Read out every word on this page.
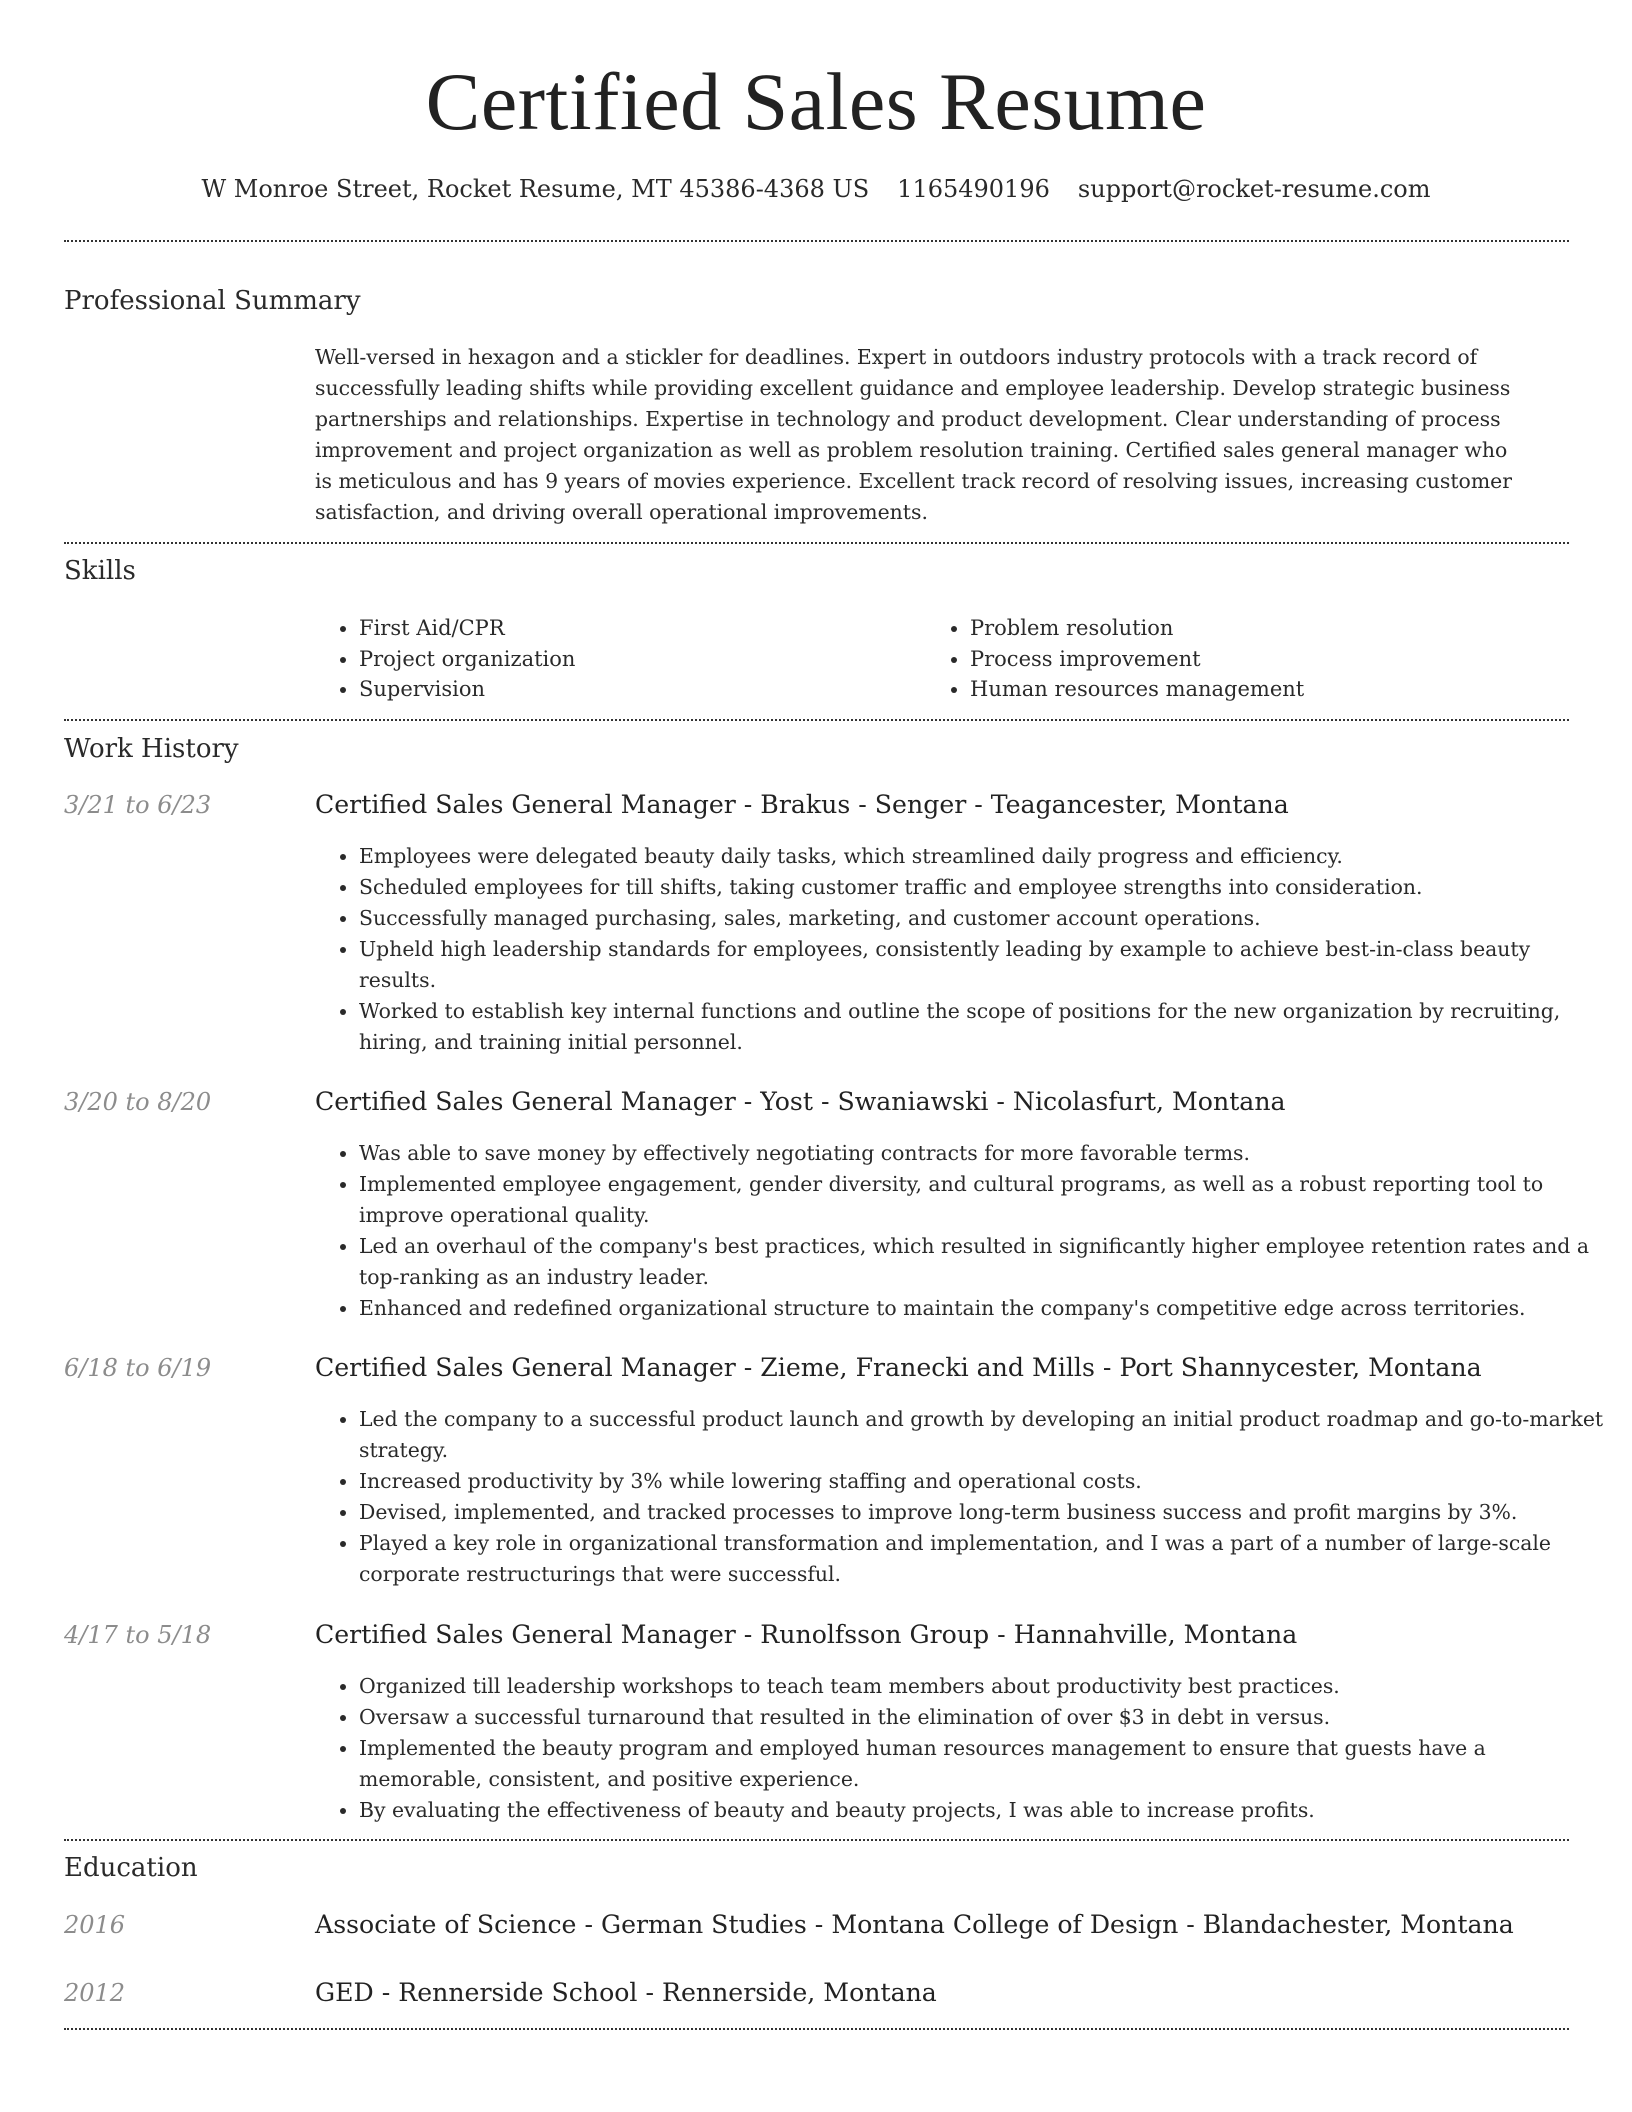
Certified Sales Resume
W Monroe Street, Rocket Resume, MT 45386-4368 US 1165490196 support@rocket-resume.com
Professional Summary
Well-versed in hexagon and a stickler for deadlines. Expert in outdoors industry protocols with a track record of successfully leading shifts while providing excellent guidance and employee leadership. Develop strategic business partnerships and relationships. Expertise in technology and product development. Clear understanding of process improvement and project organization as well as problem resolution training. Certified sales general manager who is meticulous and has 9 years of movies experience. Excellent track record of resolving issues, increasing customer satisfaction, and driving overall operational improvements.
Skills
• First Aid/CPR
• Project organization
• Supervision
• Problem resolution
• Process improvement
• Human resources management
Work History
3/21 to 6/23	Certified Sales General Manager - Brakus - Senger - Teagancester, Montana
• Employees were delegated beauty daily tasks, which streamlined daily progress and efficiency.
• Scheduled employees for till shifts, taking customer traffic and employee strengths into consideration.
• Successfully managed purchasing, sales, marketing, and customer account operations.
• Upheld high leadership standards for employees, consistently leading by example to achieve best-in-class beauty results.
• Worked to establish key internal functions and outline the scope of positions for the new organization by recruiting, hiring, and training initial personnel.
3/20 to 8/20	Certified Sales General Manager - Yost - Swaniawski - Nicolasfurt, Montana
• Was able to save money by effectively negotiating contracts for more favorable terms.
• Implemented employee engagement, gender diversity, and cultural programs, as well as a robust reporting tool to improve operational quality.
• Led an overhaul of the company's best practices, which resulted in significantly higher employee retention rates and a top-ranking as an industry leader.
• Enhanced and redefined organizational structure to maintain the company's competitive edge across territories.
6/18 to 6/19	Certified Sales General Manager - Zieme, Franecki and Mills - Port Shannycester, Montana
• Led the company to a successful product launch and growth by developing an initial product roadmap and go-to-market strategy.
• Increased productivity by 3% while lowering staffing and operational costs.
• Devised, implemented, and tracked processes to improve long-term business success and profit margins by 3%.
• Played a key role in organizational transformation and implementation, and I was a part of a number of large-scale corporate restructurings that were successful.
4/17 to 5/18	Certified Sales General Manager - Runolfsson Group - Hannahville, Montana
• Organized till leadership workshops to teach team members about productivity best practices.
• Oversaw a successful turnaround that resulted in the elimination of over $3 in debt in versus.
• Implemented the beauty program and employed human resources management to ensure that guests have a memorable, consistent, and positive experience.
• By evaluating the effectiveness of beauty and beauty projects, I was able to increase profits.
Education
2016	Associate of Science - German Studies - Montana College of Design - Blandachester, Montana
2012	GED - Rennerside School - Rennerside, Montana
